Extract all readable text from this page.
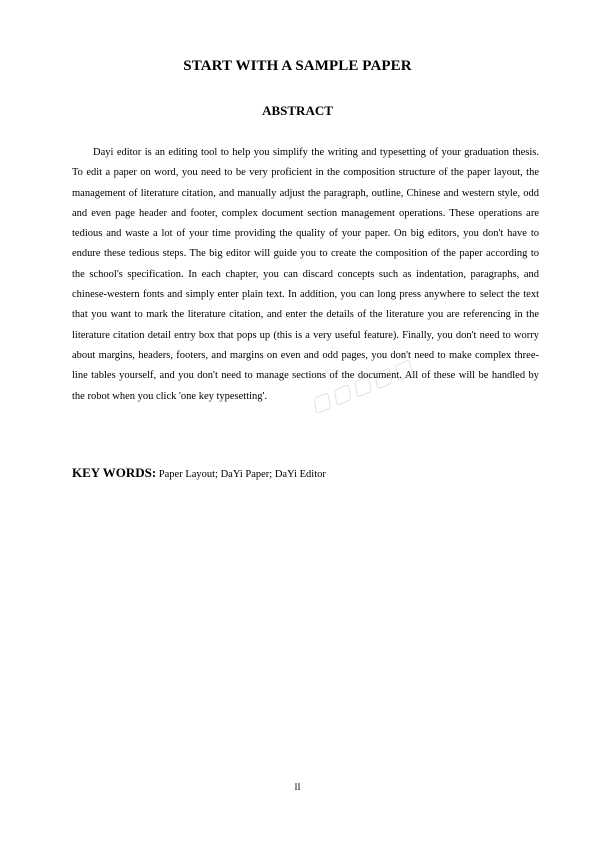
START WITH A SAMPLE PAPER
ABSTRACT

Dayi editor is an editing tool to help you simplify the writing and typesetting of your graduation thesis. To edit a paper on word, you need to be very proficient in the composition structure of the paper layout, the management of literature citation, and manually adjust the paragraph, outline, Chinese and western style, odd and even page header and footer, complex document section management operations. These operations are tedious and waste a lot of your time providing the quality of your paper. On big editors, you don't have to endure these tedious steps. The big editor will guide you to create the composition of the paper according to the school's specification. In each chapter, you can discard concepts such as indentation, paragraphs, and chinese-western fonts and simply enter plain text. In addition, you can long press anywhere to select the text that you want to mark the literature citation, and enter the details of the literature you are referencing in the literature citation detail entry box that pops up (this is a very useful feature). Finally, you don't need to worry about margins, headers, footers, and margins on even and odd pages, you don't need to make complex three-line tables yourself, and you don't need to manage sections of the document. All of these will be handled by the robot when you click 'one key typesetting'.

KEY WORDS: Paper Layout; DaYi Paper; DaYi Editor
II
